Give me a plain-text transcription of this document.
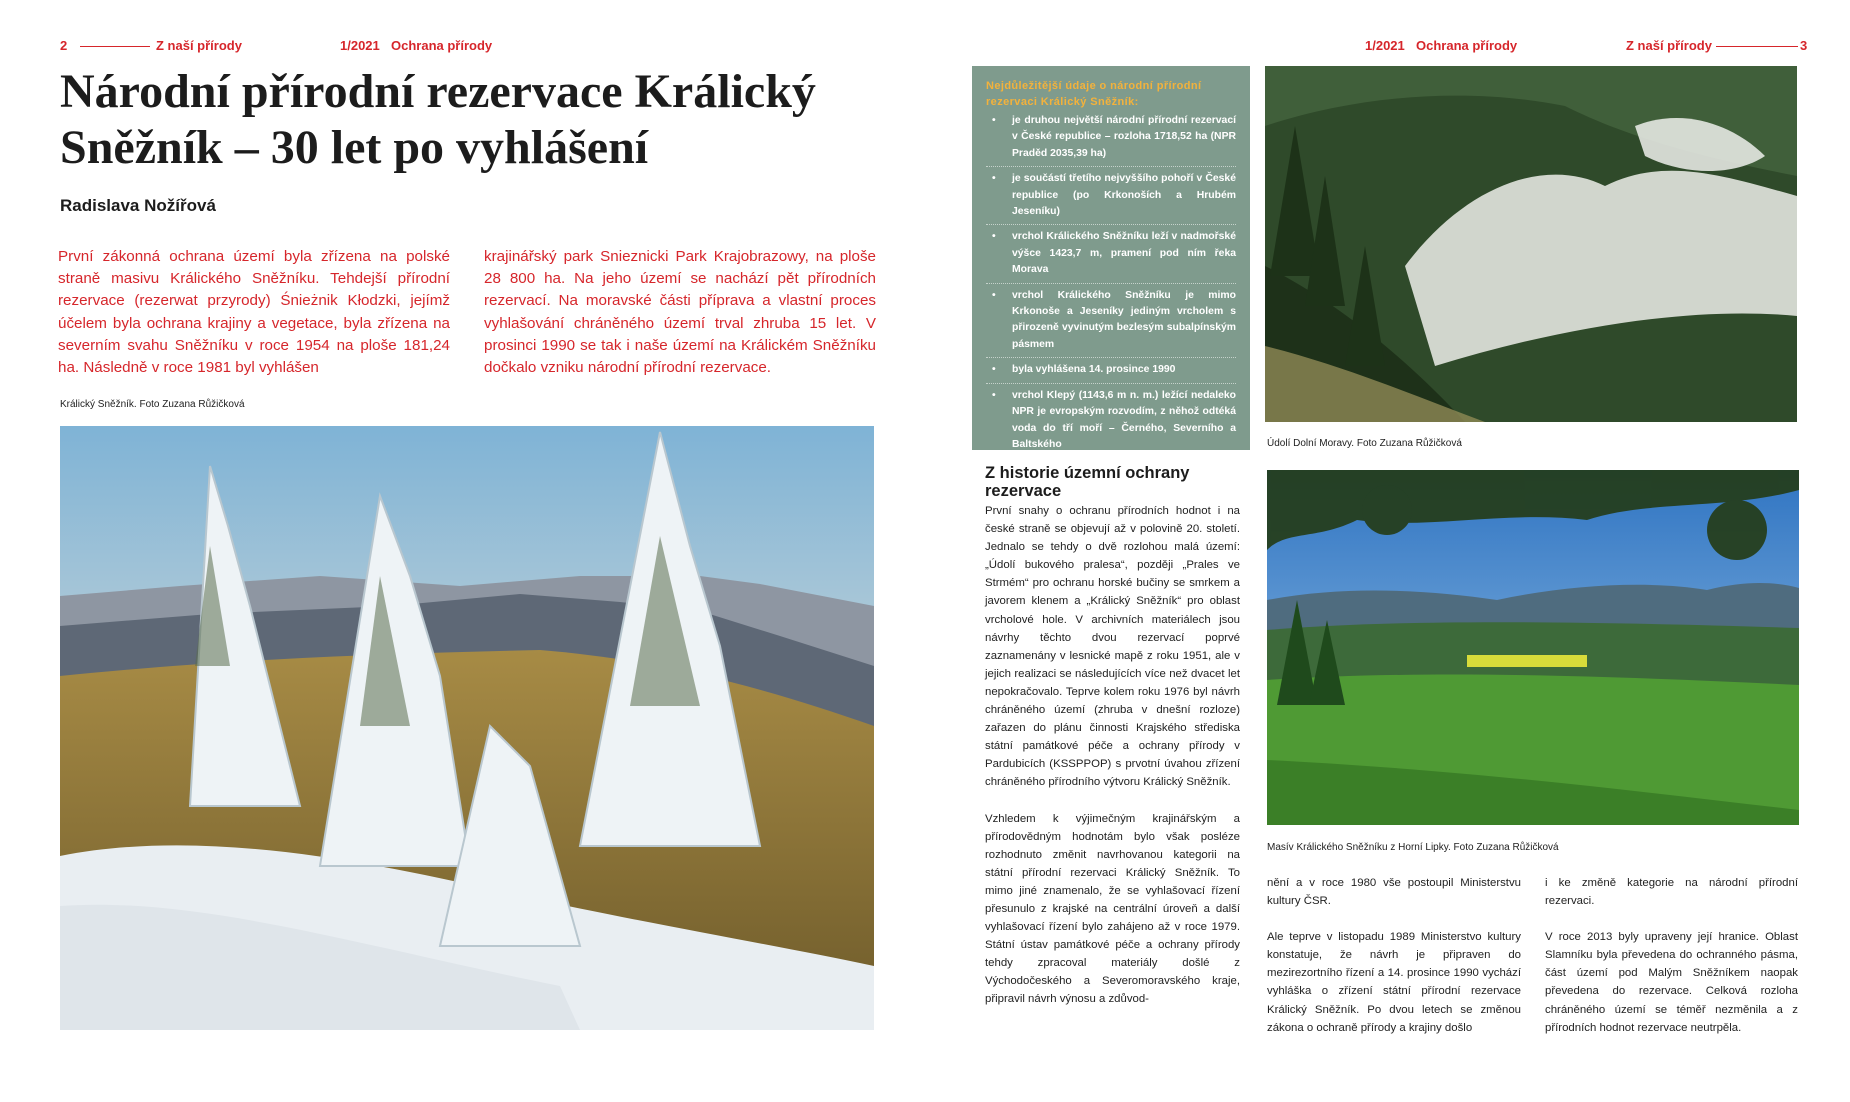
2	Z naší přírody	1/2021 Ochrana přírody	1/2021 Ochrana přírody	Z naší přírody	3
Národní přírodní rezervace Králický Sněžník – 30 let po vyhlášení
Radislava Nožířová
První zákonná ochrana území byla zřízena na polské straně masivu Králického Sněžníku. Tehdejší přírodní rezervace (rezerwat przyrody) Śnieżnik Kłodzki, jejímž účelem byla ochrana krajiny a vegetace, byla zřízena na severním svahu Sněžníku v roce 1954 na ploše 181,24 ha. Následně v roce 1981 byl vyhlášen
krajinářský park Snieznicki Park Krajobrazowy, na ploše 28 800 ha. Na jeho území se nachází pět přírodních rezervací. Na moravské části příprava a vlastní proces vyhlašování chráněného území trval zhruba 15 let. V prosinci 1990 se tak i naše území na Králickém Sněžníku dočkalo vzniku národní přírodní rezervace.
Králický Sněžník. Foto Zuzana Růžičková
Nejdůležitější údaje o národní přírodní rezervaci Králický Sněžník:
• je druhou největší národní přírodní rezervací v České republice – rozloha 1718,52 ha (NPR Praděd 2035,39 ha)
• je součástí třetího nejvyššího pohoří v České republice (po Krkonoších a Hrubém Jeseníku)
• vrchol Králického Sněžníku leží v nadmořské výšce 1423,7 m, pramení pod ním řeka Morava
• vrchol Králického Sněžníku je mimo Krkonoše a Jeseníky jediným vrcholem s přirozeně vyvinutým bezlesým subalpínským pásmem
• byla vyhlášena 14. prosince 1990
• vrchol Klepý (1143,6 m n. m.) ležící nedaleko NPR je evropským rozvodím, z něhož odtéká voda do tří moří – Černého, Severního a Baltského	Údolí Dolní Moravy. Foto Zuzana Růžičková
Masív Králického Sněžníku z Horní Lipky. Foto Zuzana Růžičková
Z historie územní ochrany rezervace

První snahy o ochranu přírodních hodnot i na české straně se objevují až v polovině 20. století. Jednalo se tehdy o dvě rozlohou malá území: „Údolí bukového pralesa“, později „Prales ve Strmém“ pro ochranu horské bučiny se smrkem a javorem klenem a „Králický Sněžník“ pro oblast vrcholové hole. V archivních materiálech jsou návrhy těchto dvou rezervací poprvé zaznamenány v lesnické mapě z roku 1951, ale v jejich realizaci se následujících více než dvacet let nepokračovalo. Teprve kolem roku 1976 byl návrh chráněného území (zhruba v dnešní rozloze) zařazen do plánu činnosti Krajského střediska státní památkové péče a ochrany přírody v Pardubicích (KSSPPOP) s prvotní úvahou zřízení chráněného přírodního výtvoru Králický Sněžník.

Vzhledem k výjimečným krajinářským a přírodovědným hodnotám bylo však posléze rozhodnuto změnit navrhovanou kategorii na státní přírodní rezervaci Králický Sněžník. To mimo jiné znamenalo, že se vyhlašovací řízení přesunulo z krajské na centrální úroveň a další vyhlašovací řízení bylo zahájeno až v roce 1979. Státní ústav památkové péče a ochrany přírody tehdy zpracoval materiály došlé z Východočeského a Severomoravského kraje, připravil návrh výnosu a zdůvod-

nění a v roce 1980 vše postoupil Ministerstvu kultury ČSR.

Ale teprve v listopadu 1989 Ministerstvo kultury konstatuje, že návrh je připraven do mezirezortního řízení a 14. prosince 1990 vychází vyhláška o zřízení státní přírodní rezervace Králický Sněžník. Po dvou letech se změnou zákona o ochraně přírody a krajiny došlo

i ke změně kategorie na národní přírodní rezervaci.

V roce 2013 byly upraveny její hranice. Oblast Slamníku byla převedena do ochranného pásma, část území pod Malým Sněžníkem naopak převedena do rezervace. Celková rozloha chráněného území se téměř nezměnila a z přírodních hodnot rezervace neutrpěla.
